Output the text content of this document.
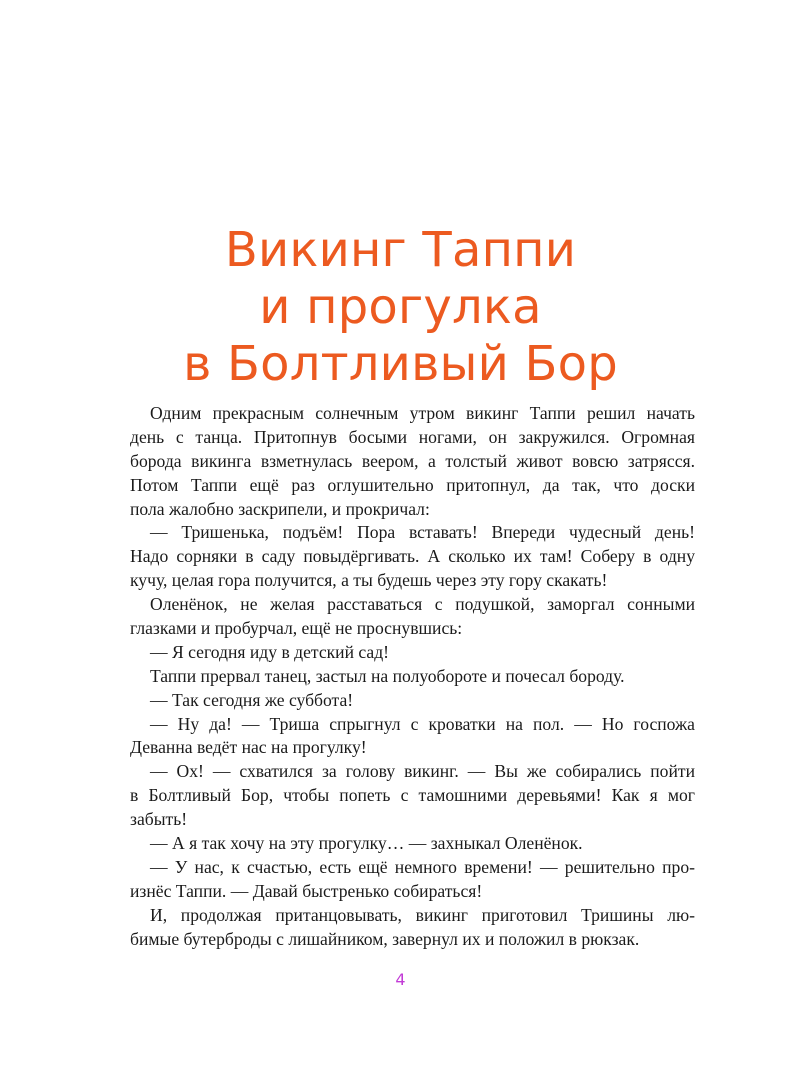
Викинг Таппи
и прогулка
в Болтливый Бор
Одним прекрасным солнечным утром викинг Таппи решил начать
день с танца. Притопнув босыми ногами, он закружился. Огромная
борода викинга взметнулась веером, а толстый живот вовсю затрясся.
Потом Таппи ещё раз оглушительно притопнул, да так, что доски
пола жалобно заскрипели, и прокричал:
— Тришенька, подъём! Пора вставать! Впереди чудесный день!
Надо сорняки в саду повыдёргивать. А сколько их там! Соберу в одну
кучу, целая гора получится, а ты будешь через эту гору скакать!
Оленёнок, не желая расставаться с подушкой, заморгал сонными
глазками и пробурчал, ещё не проснувшись:
— Я сегодня иду в детский сад!
Таппи прервал танец, застыл на полуобороте и почесал бороду.
— Так сегодня же суббота!
— Ну да! — Триша спрыгнул с кроватки на пол. — Но госпожа
Деванна ведёт нас на прогулку!
— Ох! — схватился за голову викинг. — Вы же собирались пойти
в Болтливый Бор, чтобы попеть с тамошними деревьями! Как я мог
забыть!
— А я так хочу на эту прогулку… — захныкал Оленёнок.
— У нас, к счастью, есть ещё немного времени! — решительно про-
изнёс Таппи. — Давай быстренько собираться!
И, продолжая пританцовывать, викинг приготовил Тришины лю-
бимые бутерброды с лишайником, завернул их и положил в рюкзак.
4
